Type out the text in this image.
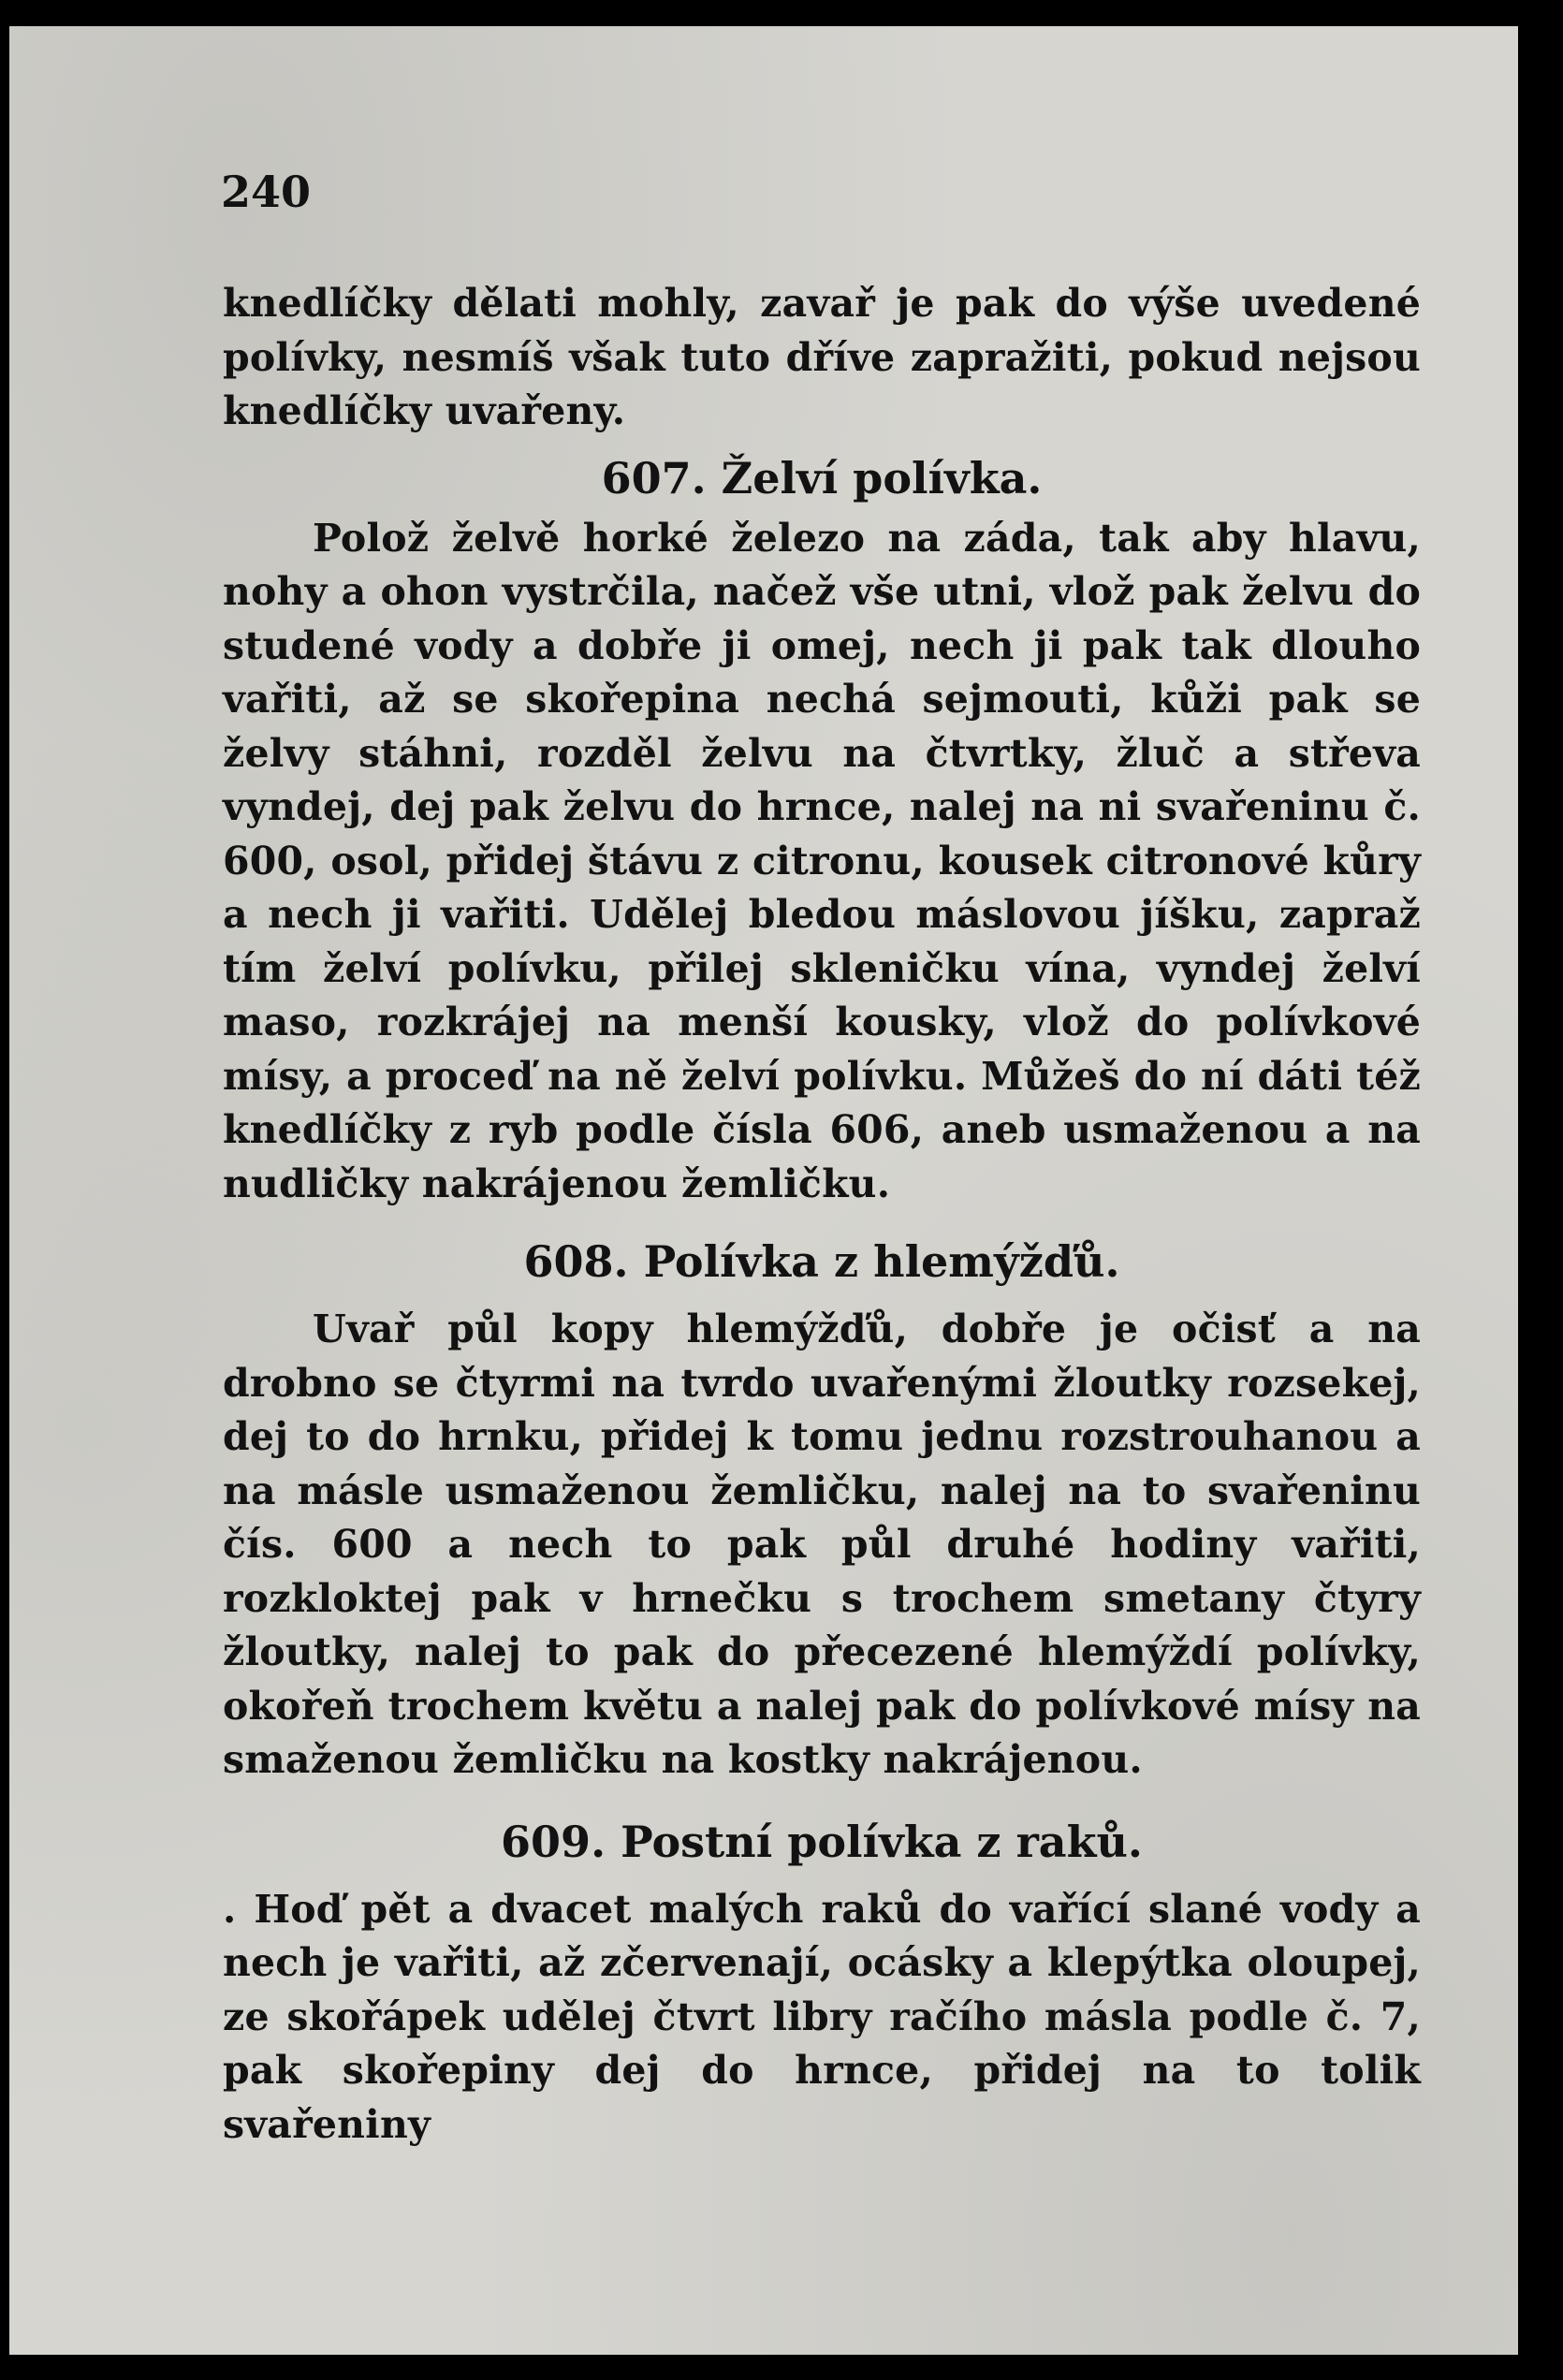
240

knedlíčky dělati mohly, zavař je pak do výše uvedené polívky, nesmíš však tuto dříve zapražiti, pokud nejsou knedlíčky uvařeny.

607. Želví polívka.

Polož želvě horké železo na záda, tak aby hlavu, nohy a ohon vystrčila, načež vše utni, vlož pak želvu do studené vody a dobře ji omej, nech ji pak tak dlouho vařiti, až se skořepina nechá sejmouti, kůži pak se želvy stáhni, rozděl želvu na čtvrtky, žluč a střeva vyndej, dej pak želvu do hrnce, nalej na ni svařeninu č. 600, osol, přidej štávu z citronu, kousek citronové kůry a nech ji vařiti. Udělej bledou máslovou jíšku, zapraž tím želví polívku, přilej skleničku vína, vyndej želví maso, rozkrájej na menší kousky, vlož do polívkové mísy, a proceď na ně želví polívku. Můžeš do ní dáti též knedlíčky z ryb podle čísla 606, aneb usmaženou a na nudličky nakrájenou žemličku.

608. Polívka z hlemýžďů.

Uvař půl kopy hlemýžďů, dobře je očisť a na drobno se čtyrmi na tvrdo uvařenými žloutky rozsekej, dej to do hrnku, přidej k tomu jednu rozstrouhanou a na másle usmaženou žemličku, nalej na to svařeninu čís. 600 a nech to pak půl druhé hodiny vařiti, rozkloktej pak v hrnečku s trochem smetany čtyry žloutky, nalej to pak do přecezené hlemýždí polívky, okořeň trochem květu a nalej pak do polívkové mísy na smaženou žemličku na kostky nakrájenou.

609. Postní polívka z raků.

. Hoď pět a dvacet malých raků do vařící slané vody a nech je vařiti, až zčervenají, ocásky a klepýtka oloupej, ze skořápek udělej čtvrt libry račího másla podle č. 7, pak skořepiny dej do hrnce, přidej na to tolik svařeniny
